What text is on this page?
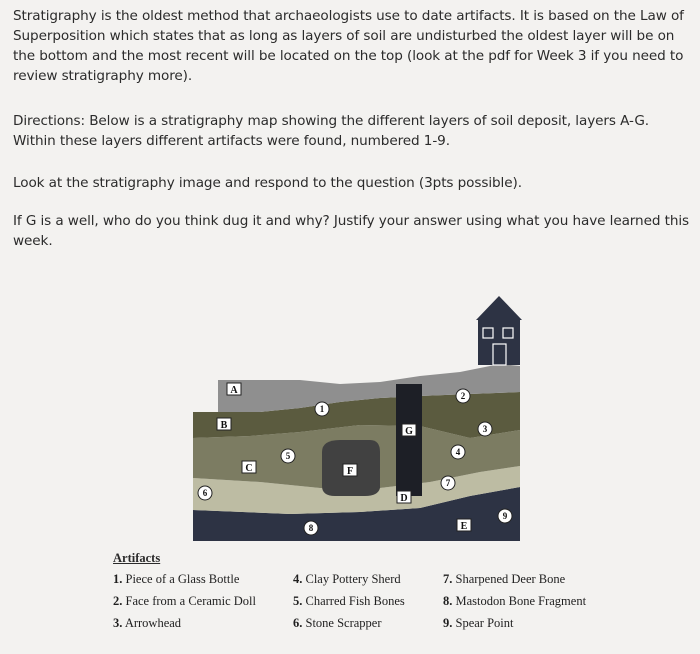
Stratigraphy is the oldest method that archaeologists use to date artifacts. It is based on the Law of Superposition which states that as long as layers of soil are undisturbed the oldest layer will be on the bottom and the most recent will be located on the top (look at the pdf for Week 3 if you need to review stratigraphy more).

Directions: Below is a stratigraphy map showing the different layers of soil deposit, layers A-G. Within these layers different artifacts were found, numbered 1-9.

Look at the stratigraphy image and respond to the question (3pts possible).

If G is a well, who do you think dug it and why? Justify your answer using what you have learned this week.

A
B
C
D
E
F
G
1
2
3
4
5
6
7
8
9
Artifacts
1. Piece of a Glass Bottle
2. Face from a Ceramic Doll
3. Arrowhead
4. Clay Pottery Sherd
5. Charred Fish Bones
6. Stone Scrapper
7. Sharpened Deer Bone
8. Mastodon Bone Fragment
9. Spear Point
